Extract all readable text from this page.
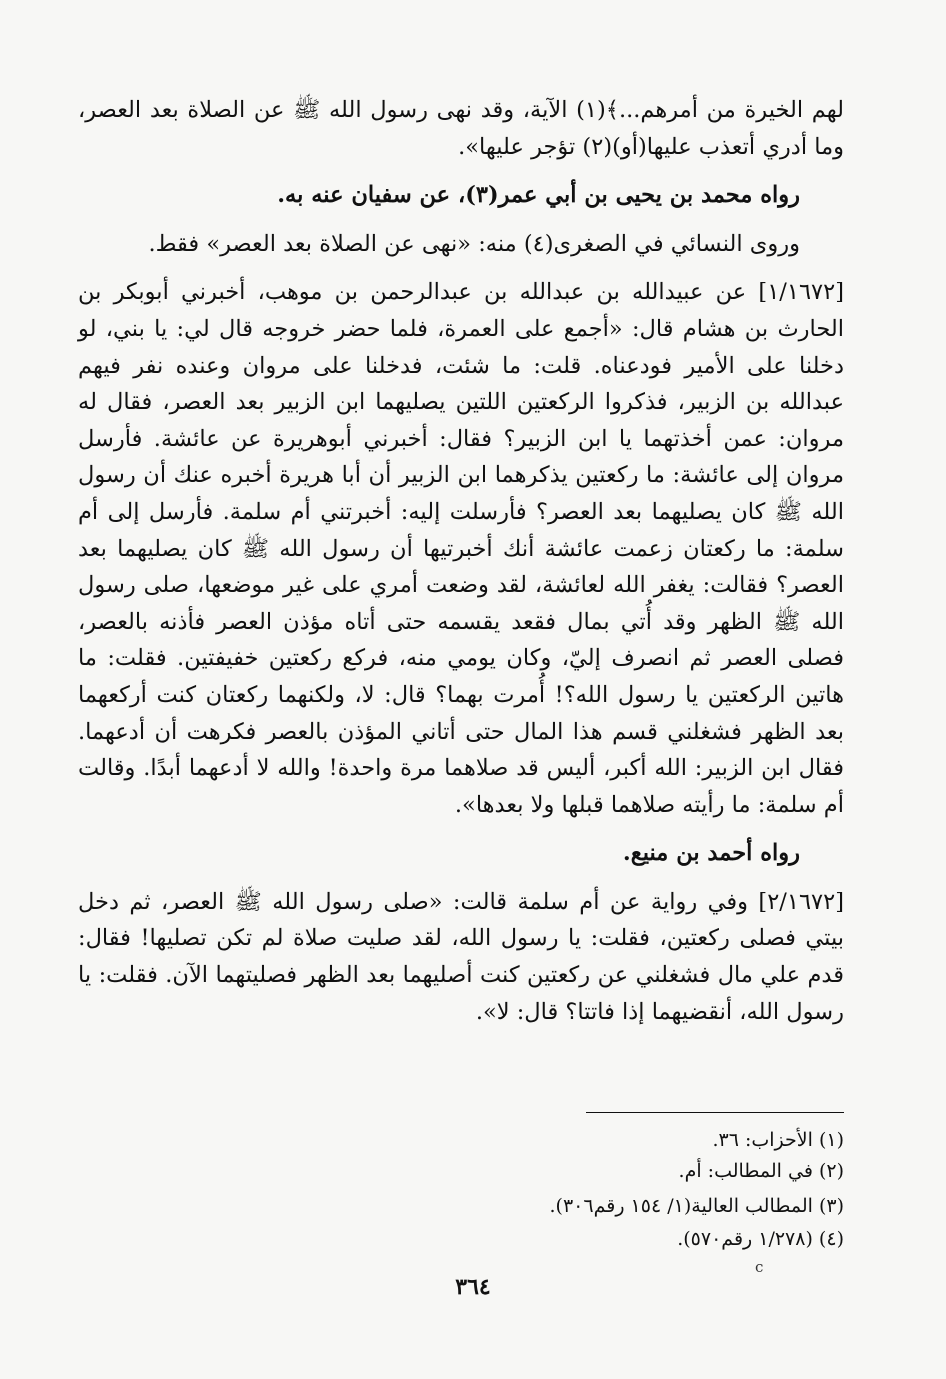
لهم الخيرة من أمرهم...﴾(١) الآية، وقد نهى رسول الله ﷺ عن الصلاة بعد العصر، وما أدري أتعذب عليها(أو)(٢) تؤجر عليها».

رواه محمد بن يحيى بن أبي عمر(٣)، عن سفيان عنه به.

وروى النسائي في الصغرى(٤) منه: «نهى عن الصلاة بعد العصر» فقط.

[١/١٦٧٢] عن عبيدالله بن عبدالله بن عبدالرحمن بن موهب، أخبرني أبوبكر بن الحارث بن هشام قال: «أجمع على العمرة، فلما حضر خروجه قال لي: يا بني، لو دخلنا على الأمير فودعناه. قلت: ما شئت، فدخلنا على مروان وعنده نفر فيهم عبدالله بن الزبير، فذكروا الركعتين اللتين يصليهما ابن الزبير بعد العصر، فقال له مروان: عمن أخذتهما يا ابن الزبير؟ فقال: أخبرني أبوهريرة عن عائشة. فأرسل مروان إلى عائشة: ما ركعتين يذكرهما ابن الزبير أن أبا هريرة أخبره عنك أن رسول الله ﷺ كان يصليهما بعد العصر؟ فأرسلت إليه: أخبرتني أم سلمة. فأرسل إلى أم سلمة: ما ركعتان زعمت عائشة أنك أخبرتيها أن رسول الله ﷺ كان يصليهما بعد العصر؟ فقالت: يغفر الله لعائشة، لقد وضعت أمري على غير موضعها، صلى رسول الله ﷺ الظهر وقد أُتي بمال فقعد يقسمه حتى أتاه مؤذن العصر فأذنه بالعصر، فصلى العصر ثم انصرف إليّ، وكان يومي منه، فركع ركعتين خفيفتين. فقلت: ما هاتين الركعتين يا رسول الله؟! أُمرت بهما؟ قال: لا، ولكنهما ركعتان كنت أركعهما بعد الظهر فشغلني قسم هذا المال حتى أتاني المؤذن بالعصر فكرهت أن أدعهما. فقال ابن الزبير: الله أكبر، أليس قد صلاهما مرة واحدة! والله لا أدعهما أبدًا. وقالت أم سلمة: ما رأيته صلاهما قبلها ولا بعدها».

رواه أحمد بن منيع.

[٢/١٦٧٢] وفي رواية عن أم سلمة قالت: «صلى رسول الله ﷺ العصر، ثم دخل بيتي فصلى ركعتين، فقلت: يا رسول الله، لقد صليت صلاة لم تكن تصليها! فقال: قدم علي مال فشغلني عن ركعتين كنت أصليهما بعد الظهر فصليتهما الآن. فقلت: يا رسول الله، أنقضيهما إذا فاتتا؟ قال: لا».

(١) الأحزاب: ٣٦.
(٢) في المطالب: أم.
(٣) المطالب العالية(١/ ١٥٤ رقم٣٠٦).
(٤) (١/٢٧٨ رقم٥٧٠).
c
٣٦٤
